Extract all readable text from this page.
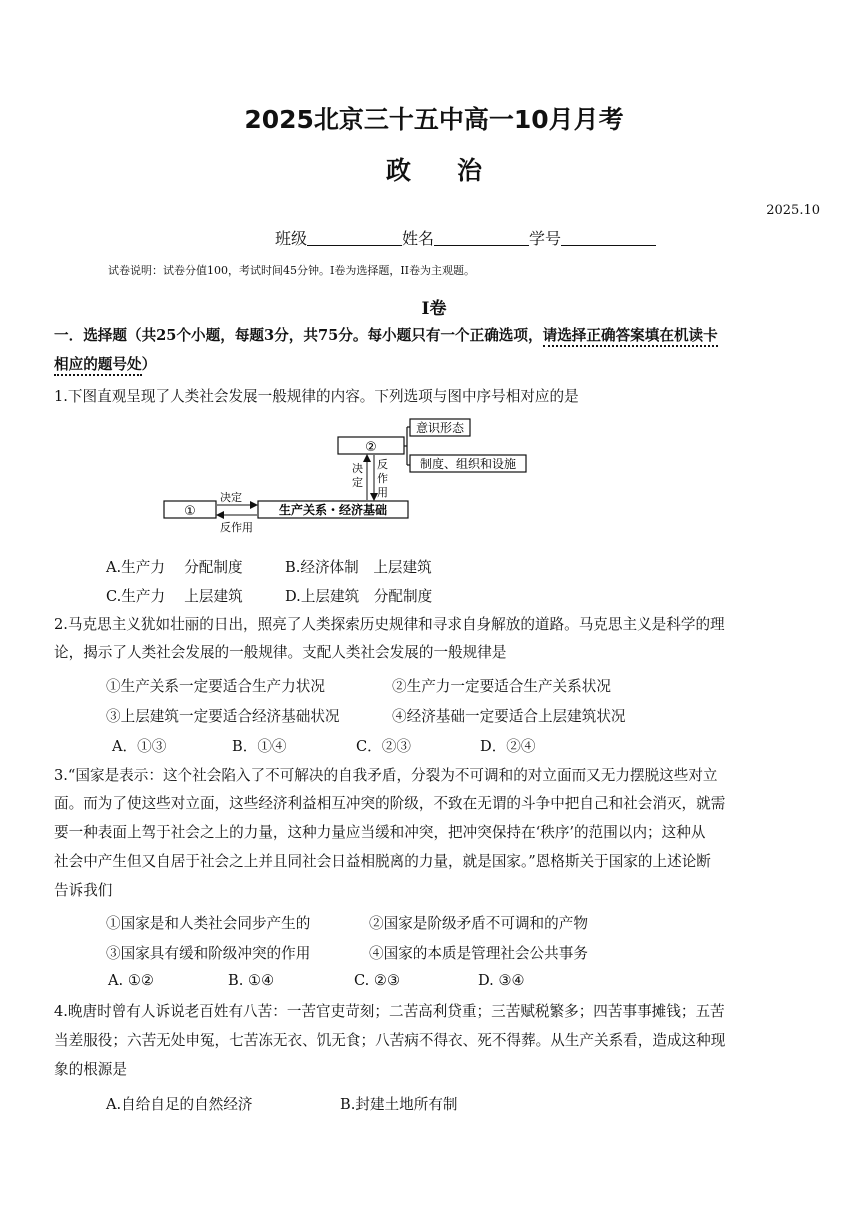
2025北京三十五中高一10月月考
政治
2025.10
班级	姓名	学号
试卷说明：试卷分值100，考试时间45分钟。I卷为选择题，II卷为主观题。
I卷
一．选择题（共25个小题，每题3分，共75分。每小题只有一个正确选项，请选择正确答案填在机读卡
相应的题号处）
1.下图直观呈现了人类社会发展一般规律的内容。下列选项与图中序号相对应的是
②
意识形态
制度、组织和设施
生产关系・经济基础
①
决定
反作用
决
定
反
作
用
A.生产力　 分配制度	B.经济体制　上层建筑
C.生产力　 上层建筑	D.上层建筑　分配制度
2.马克思主义犹如壮丽的日出，照亮了人类探索历史规律和寻求自身解放的道路。马克思主义是科学的理
论，揭示了人类社会发展的一般规律。支配人类社会发展的一般规律是
①生产关系一定要适合生产力状况	②生产力一定要适合生产关系状况
③上层建筑一定要适合经济基础状况	④经济基础一定要适合上层建筑状况
A．①③	B．①④	C．②③	D．②④
3.“国家是表示：这个社会陷入了不可解决的自我矛盾，分裂为不可调和的对立面而又无力摆脱这些对立
面。而为了使这些对立面，这些经济利益相互冲突的阶级，不致在无谓的斗争中把自己和社会消灭，就需
要一种表面上驾于社会之上的力量，这种力量应当缓和冲突，把冲突保持在‘秩序’的范围以内；这种从
社会中产生但又自居于社会之上并且同社会日益相脱离的力量，就是国家。”恩格斯关于国家的上述论断
告诉我们
①国家是和人类社会同步产生的	②国家是阶级矛盾不可调和的产物
③国家具有缓和阶级冲突的作用	④国家的本质是管理社会公共事务
A. ①②	B. ①④	C. ②③	D. ③④
4.晚唐时曾有人诉说老百姓有八苦：一苦官吏苛刻；二苦高利贷重；三苦赋税繁多；四苦事事摊钱；五苦
当差服役；六苦无处申冤，七苦冻无衣、饥无食；八苦病不得衣、死不得葬。从生产关系看，造成这种现
象的根源是
A.自给自足的自然经济	B.封建土地所有制
